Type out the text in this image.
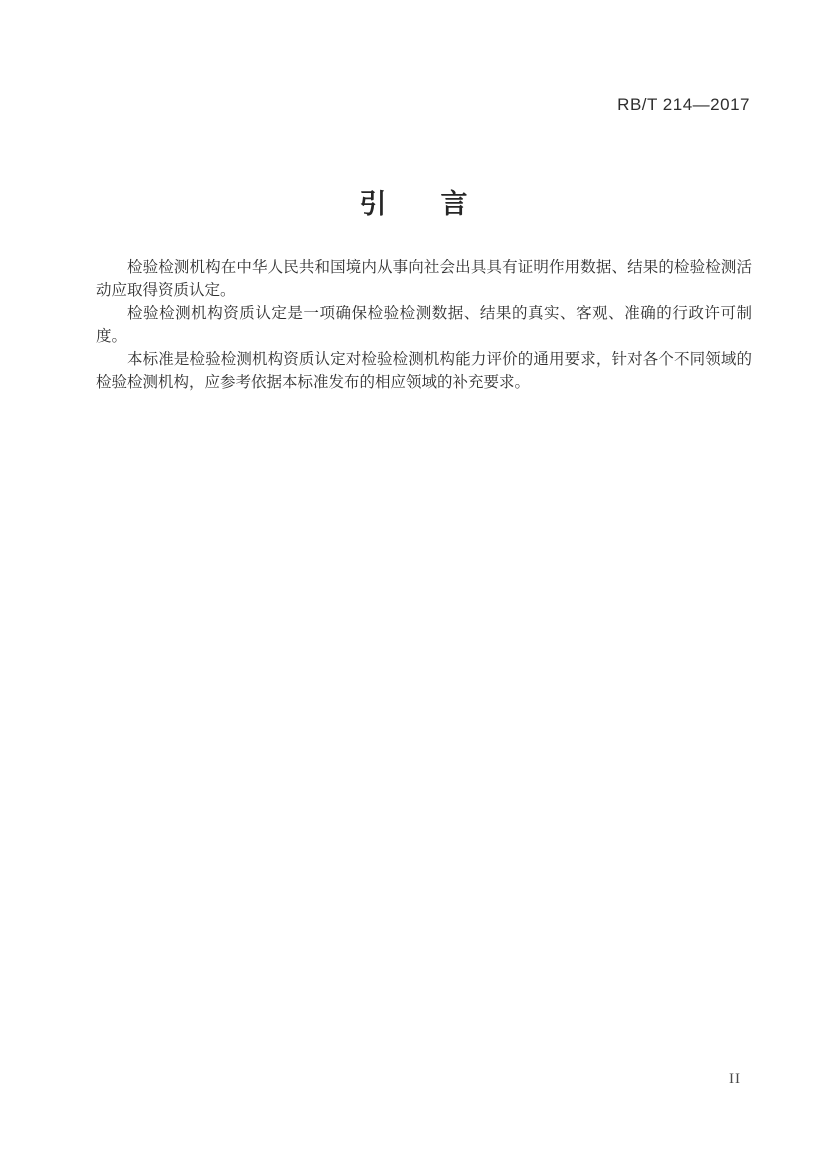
RB/T 214—2017
引　　言

检验检测机构在中华人民共和国境内从事向社会出具具有证明作用数据、结果的检验检测活动应取得资质认定。

检验检测机构资质认定是一项确保检验检测数据、结果的真实、客观、准确的行政许可制度。

本标准是检验检测机构资质认定对检验检测机构能力评价的通用要求，针对各个不同领域的检验检测机构，应参考依据本标准发布的相应领域的补充要求。

II
